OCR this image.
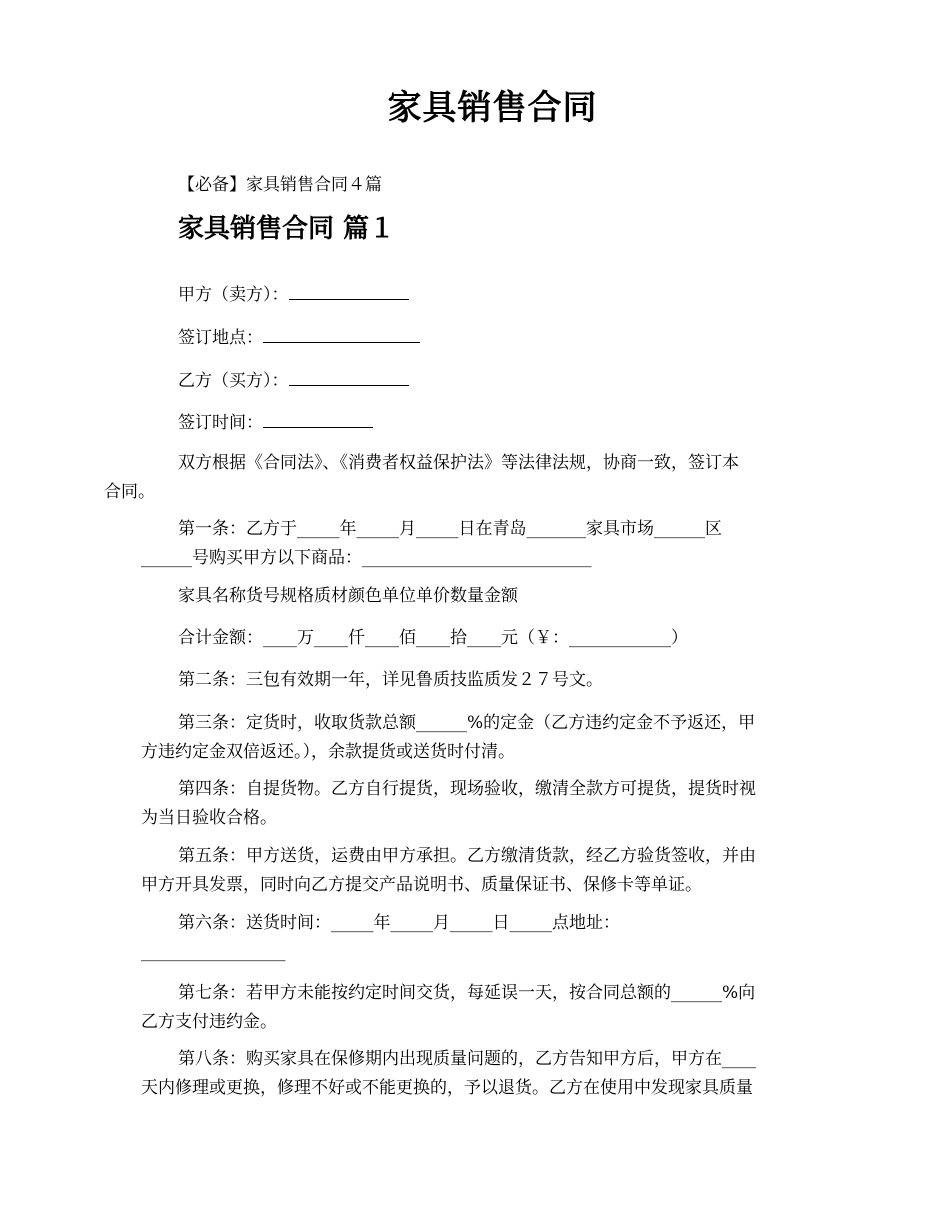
家具销售合同

【必备】家具销售合同４篇

家具销售合同 篇１

甲方（卖方）：

签订地点：

乙方（买方）：

签订时间：

双方根据《合同法》、《消费者权益保护法》等法律法规，协商一致，签订本
合同。

第一条：乙方于_____年_____月_____日在青岛_______家具市场______区
______号购买甲方以下商品：___________________________

家具名称货号规格质材颜色单位单价数量金额

合计金额：____万____仟____佰____拾____元（￥：____________）

第二条：三包有效期一年，详见鲁质技监质发２７号文。

第三条：定货时，收取货款总额______%的定金（乙方违约定金不予返还，甲
方违约定金双倍返还。），余款提货或送货时付清。

第四条：自提货物。乙方自行提货，现场验收，缴清全款方可提货，提货时视
为当日验收合格。

第五条：甲方送货，运费由甲方承担。乙方缴清货款，经乙方验货签收，并由
甲方开具发票，同时向乙方提交产品说明书、质量保证书、保修卡等单证。

第六条：送货时间：_____年_____月_____日_____点地址：
_________________

第七条：若甲方未能按约定时间交货，每延误一天，按合同总额的______%向
乙方支付违约金。

第八条：购买家具在保修期内出现质量问题的，乙方告知甲方后，甲方在____
天内修理或更换，修理不好或不能更换的，予以退货。乙方在使用中发现家具质量
